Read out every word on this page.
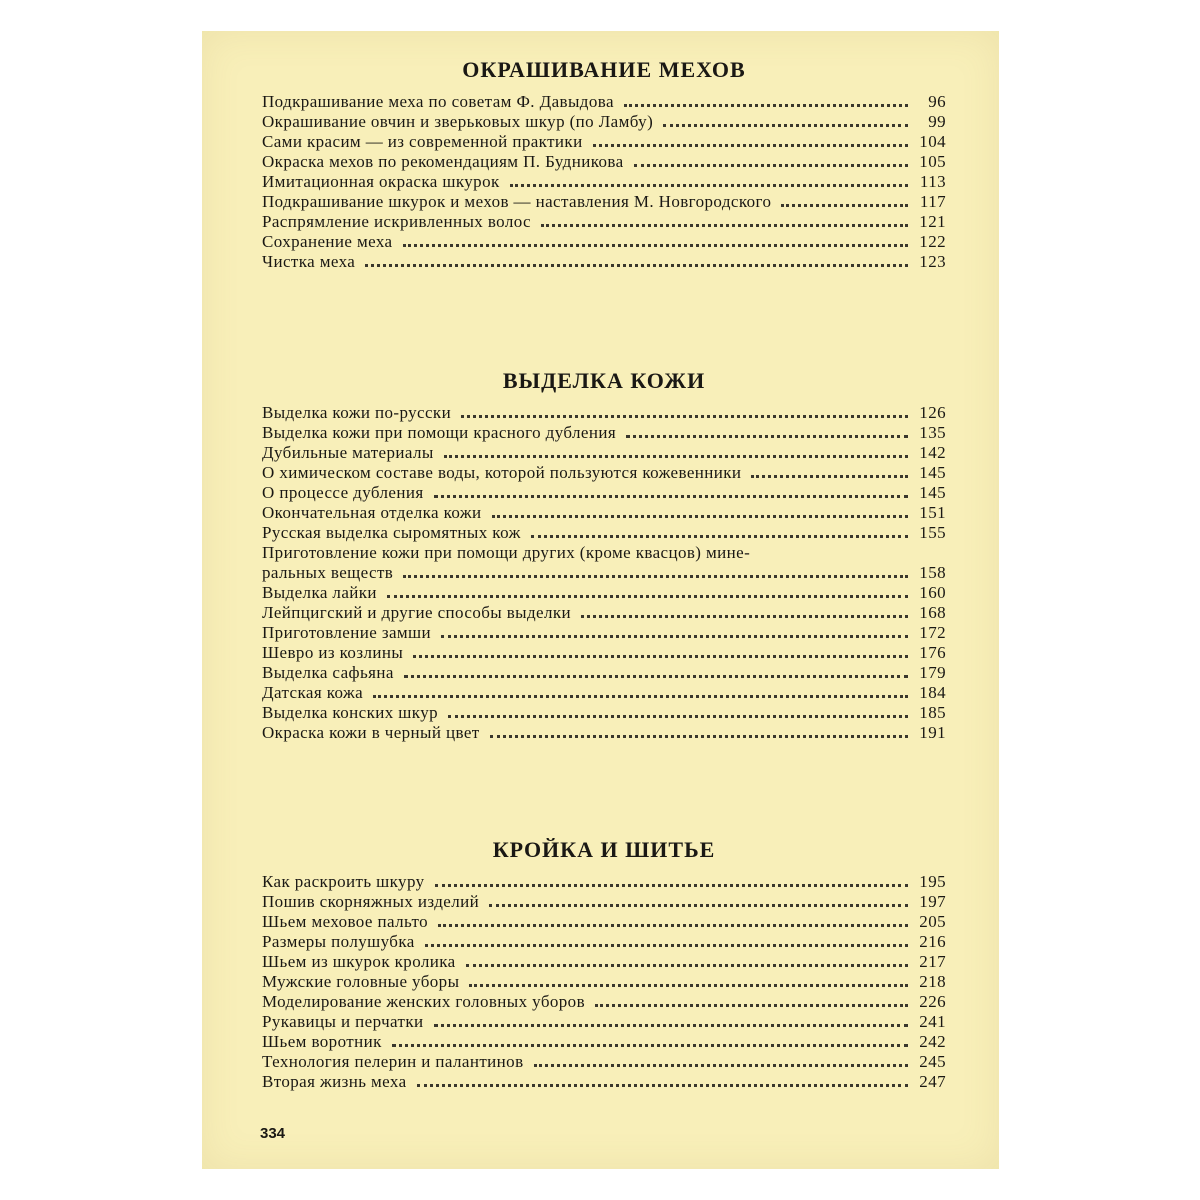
ОКРАШИВАНИЕ МЕХОВ
Подкрашивание меха по советам Ф. Давыдова	96
Окрашивание овчин и зверьковых шкур (по Ламбу)	99
Сами красим — из современной практики	104
Окраска мехов по рекомендациям П. Будникова	105
Имитационная окраска шкурок	113
Подкрашивание шкурок и мехов — наставления М. Новгородского	117
Распрямление искривленных волос	121
Сохранение меха	122
Чистка меха	123
ВЫДЕЛКА КОЖИ
Выделка кожи по-русски	126
Выделка кожи при помощи красного дубления	135
Дубильные материалы	142
О химическом составе воды, которой пользуются кожевенники	145
О процессе дубления	145
Окончательная отделка кожи	151
Русская выделка сыромятных кож	155
Приготовление кожи при помощи других (кроме квасцов) мине-
ральных веществ	158
Выделка лайки	160
Лейпцигский и другие способы выделки	168
Приготовление замши	172
Шевро из козлины	176
Выделка сафьяна	179
Датская кожа	184
Выделка конских шкур	185
Окраска кожи в черный цвет	191
КРОЙКА И ШИТЬЕ
Как раскроить шкуру	195
Пошив скорняжных изделий	197
Шьем меховое пальто	205
Размеры полушубка	216
Шьем из шкурок кролика	217
Мужские головные уборы	218
Моделирование женских головных уборов	226
Рукавицы и перчатки	241
Шьем воротник	242
Технология пелерин и палантинов	245
Вторая жизнь меха	247
334
